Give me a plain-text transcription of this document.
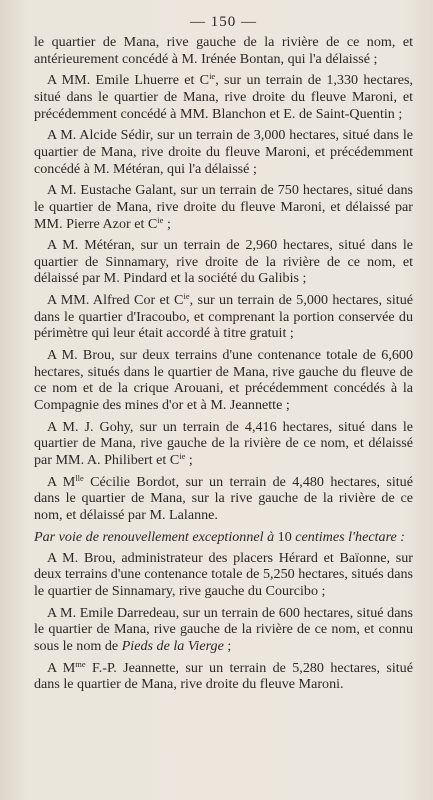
— 150 —
le quartier de Mana, rive gauche de la rivière de ce nom, et antérieurement concédé à M. Irénée Bontan, qui l'a délaissé ;
A MM. Emile Lhuerre et $C^{ie}$, sur un terrain de 1,330 hectares, situé dans le quartier de Mana, rive droite du fleuve Maroni, et précédemment concédé à MM. Blanchon et E. de Saint-Quentin ;
A M. Alcide Sédir, sur un terrain de 3,000 hectares, situé dans le quartier de Mana, rive droite du fleuve Maroni, et précédemment concédé à M. Météran, qui l'a délaissé ;
A M. Eustache Galant, sur un terrain de 750 hectares, situé dans le quartier de Mana, rive droite du fleuve Maroni, et délaissé par MM. Pierre Azor et $C^{ie}$ ;
A M. Météran, sur un terrain de 2,960 hectares, situé dans le quartier de Sinnamary, rive droite de la rivière de ce nom, et délaissé par M. Pindard et la société du Galibis ;
A MM. Alfred Cor et $C^{ie}$, sur un terrain de 5,000 hectares, situé dans le quartier d'Iracoubo, et comprenant la portion conservée du périmètre qui leur était accordé à titre gratuit ;
A M. Brou, sur deux terrains d'une contenance totale de 6,600 hectares, situés dans le quartier de Mana, rive gauche du fleuve de ce nom et de la crique Arouani, et précédemment concédés à la Compagnie des mines d'or et à M. Jeannette ;
A M. J. Gohy, sur un terrain de 4,416 hectares, situé dans le quartier de Mana, rive gauche de la rivière de ce nom, et délaissé par MM. A. Philibert et $C^{ie}$ ;
A $M^{lle}$ Cécilie Bordot, sur un terrain de 4,480 hectares, situé dans le quartier de Mana, sur la rive gauche de la rivière de ce nom, et délaissé par M. Lalanne.
Par voie de renouvellement exceptionnel à 10 centimes l'hectare :
A M. Brou, administrateur des placers Hérard et Baïonne, sur deux terrains d'une contenance totale de 5,250 hectares, situés dans le quartier de Sinnamary, rive gauche du Courcibo ;
A M. Emile Darredeau, sur un terrain de 600 hectares, situé dans le quartier de Mana, rive gauche de la rivière de ce nom, et connu sous le nom de Pieds de la Vierge ;
A $M^{me}$ F.-P. Jeannette, sur un terrain de 5,280 hectares, situé dans le quartier de Mana, rive droite du fleuve Maroni.
